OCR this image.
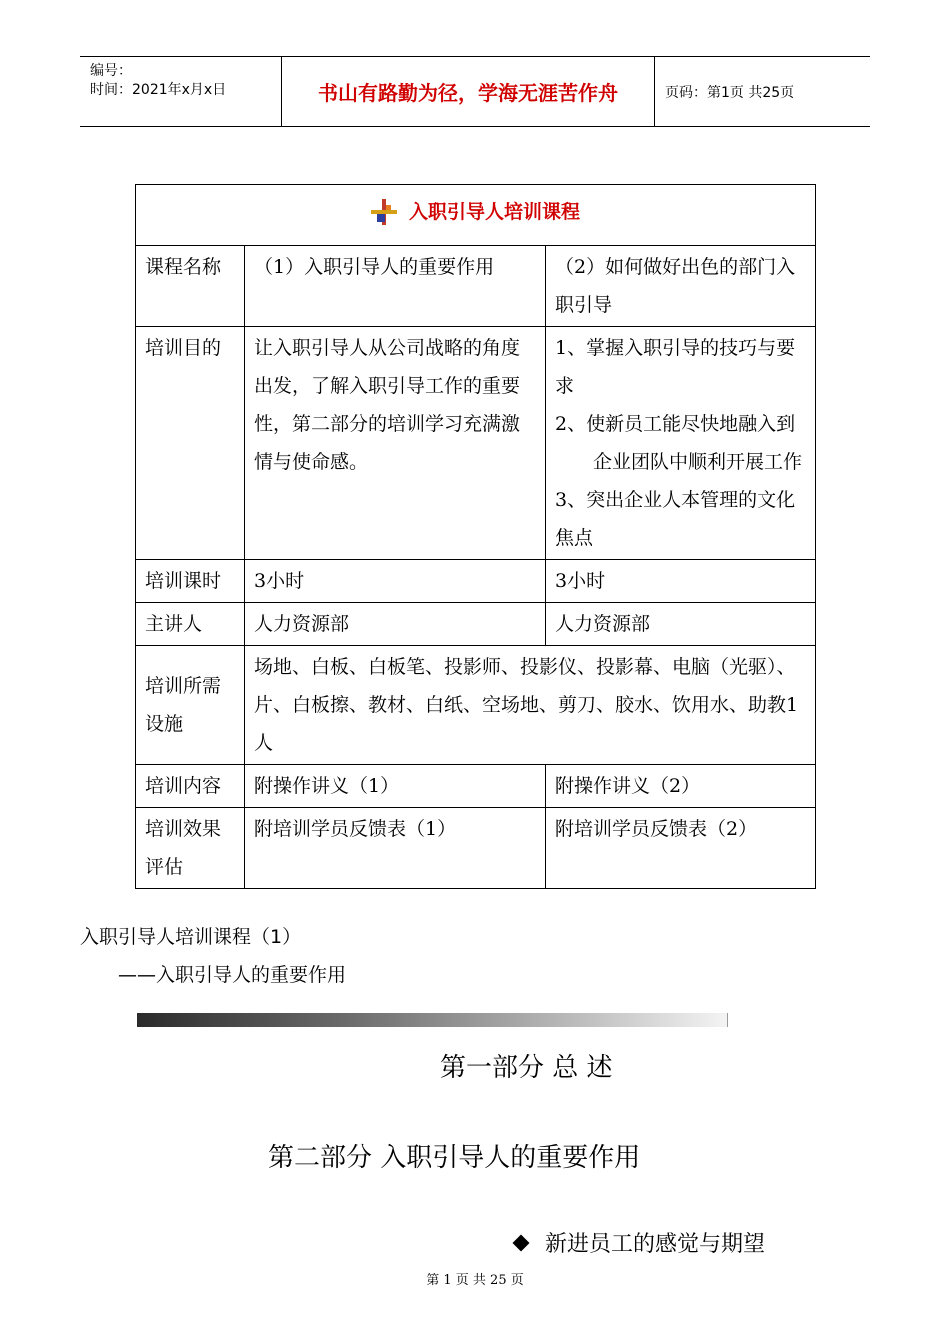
编号：
时间：2021年x月x日	书山有路勤为径，学海无涯苦作舟	页码：第1页 共25页
入职引导人培训课程		

课程名称	（1）入职引导人的重要作用	（2）如何做好出色的部门入职引导
培训目的	让入职引导人从公司战略的角度出发，了解入职引导工作的重要性，第二部分的培训学习充满激情与使命感。	1、掌握入职引导的技巧与要求
2、使新员工能尽快地融入到企业团队中顺利开展工作
3、突出企业人本管理的文化焦点

培训课时	3小时	3小时
主讲人	人力资源部	人力资源部
培训所需设施	场地、白板、白板笔、投影师、投影仪、投影幕、电脑（光驱）、片、白板擦、教材、白纸、空场地、剪刀、胶水、饮用水、助教1人	
培训内容	附操作讲义（1）	附操作讲义（2）
培训效果评估	附培训学员反馈表（1）	附培训学员反馈表（2）
入职引导人培训课程（1）
——入职引导人的重要作用
第一部分 总 述
第二部分 入职引导人的重要作用
新进员工的感觉与期望
第 1 页 共 25 页
